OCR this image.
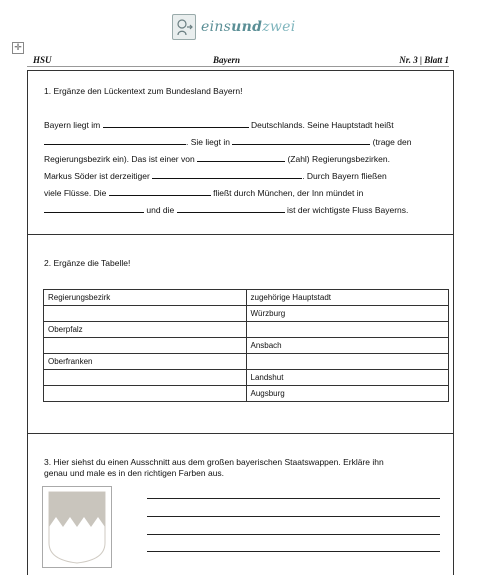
einsundzwei
✛
HSU	Bayern	Nr. 3 | Blatt 1
1. Ergänze den Lückentext zum Bundesland Bayern!
Bayern liegt im	Deutschlands. Seine Hauptstadt heißt
. Sie liegt in	(trage den
Regierungsbezirk ein). Das ist einer von	(Zahl) Regierungsbezirken.
Markus Söder ist derzeitiger	. Durch Bayern fließen
viele Flüsse. Die	fließt durch München, der Inn mündet in
und die	ist der wichtigste Fluss Bayerns.
2. Ergänze die Tabelle!
Regierungsbezirk	zugehörige Hauptstadt
	Würzburg
Oberpfalz	
	Ansbach
Oberfranken	
	Landshut
	Augsburg
3. Hier siehst du einen Ausschnitt aus dem großen bayerischen Staatswappen. Erkläre ihn
genau und male es in den richtigen Farben aus.
